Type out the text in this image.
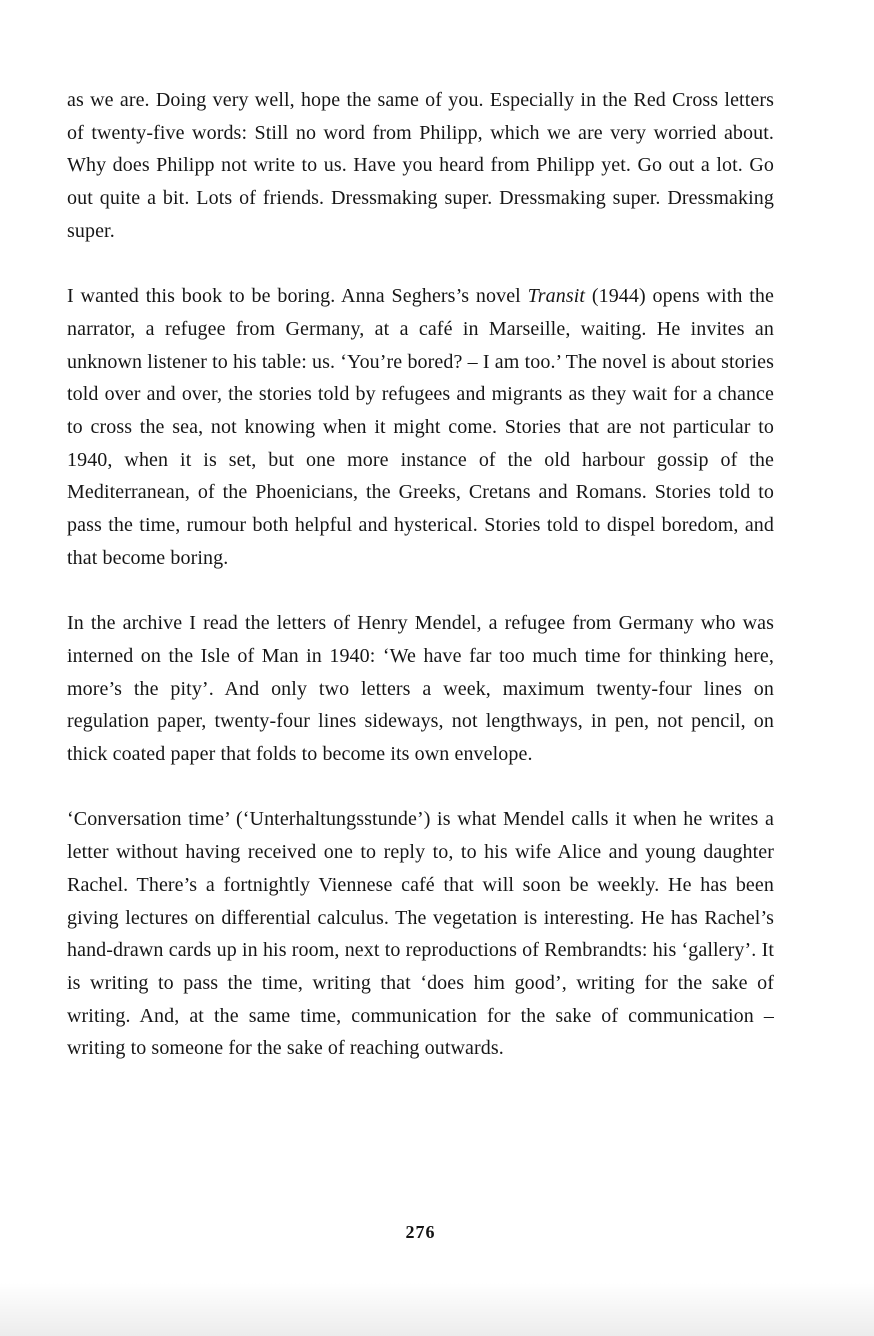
as we are. Doing very well, hope the same of you. Especially in the Red Cross letters of twenty-five words: Still no word from Philipp, which we are very worried about. Why does Philipp not write to us. Have you heard from Philipp yet. Go out a lot. Go out quite a bit. Lots of friends. Dressmaking super. Dressmaking super. Dressmaking super.

I wanted this book to be boring. Anna Seghers’s novel Transit (1944) opens with the narrator, a refugee from Germany, at a café in Marseille, waiting. He invites an unknown listener to his table: us. ‘You’re bored? – I am too.’ The novel is about stories told over and over, the stories told by refugees and migrants as they wait for a chance to cross the sea, not knowing when it might come. Stories that are not particular to 1940, when it is set, but one more instance of the old harbour gossip of the Mediterranean, of the Phoenicians, the Greeks, Cretans and Romans. Stories told to pass the time, rumour both helpful and hysterical. Stories told to dispel boredom, and that become boring.

In the archive I read the letters of Henry Mendel, a refugee from Germany who was interned on the Isle of Man in 1940: ‘We have far too much time for thinking here, more’s the pity’. And only two letters a week, maximum twenty-four lines on regulation paper, twenty-four lines sideways, not lengthways, in pen, not pencil, on thick coated paper that folds to become its own envelope.

‘Conversation time’ (‘Unterhaltungsstunde’) is what Mendel calls it when he writes a letter without having received one to reply to, to his wife Alice and young daughter Rachel. There’s a fortnightly Viennese café that will soon be weekly. He has been giving lectures on differential calculus. The vegetation is interesting. He has Rachel’s hand-drawn cards up in his room, next to reproductions of Rembrandts: his ‘gallery’. It is writing to pass the time, writing that ‘does him good’, writing for the sake of writing. And, at the same time, communication for the sake of communication – writing to someone for the sake of reaching outwards.

276
